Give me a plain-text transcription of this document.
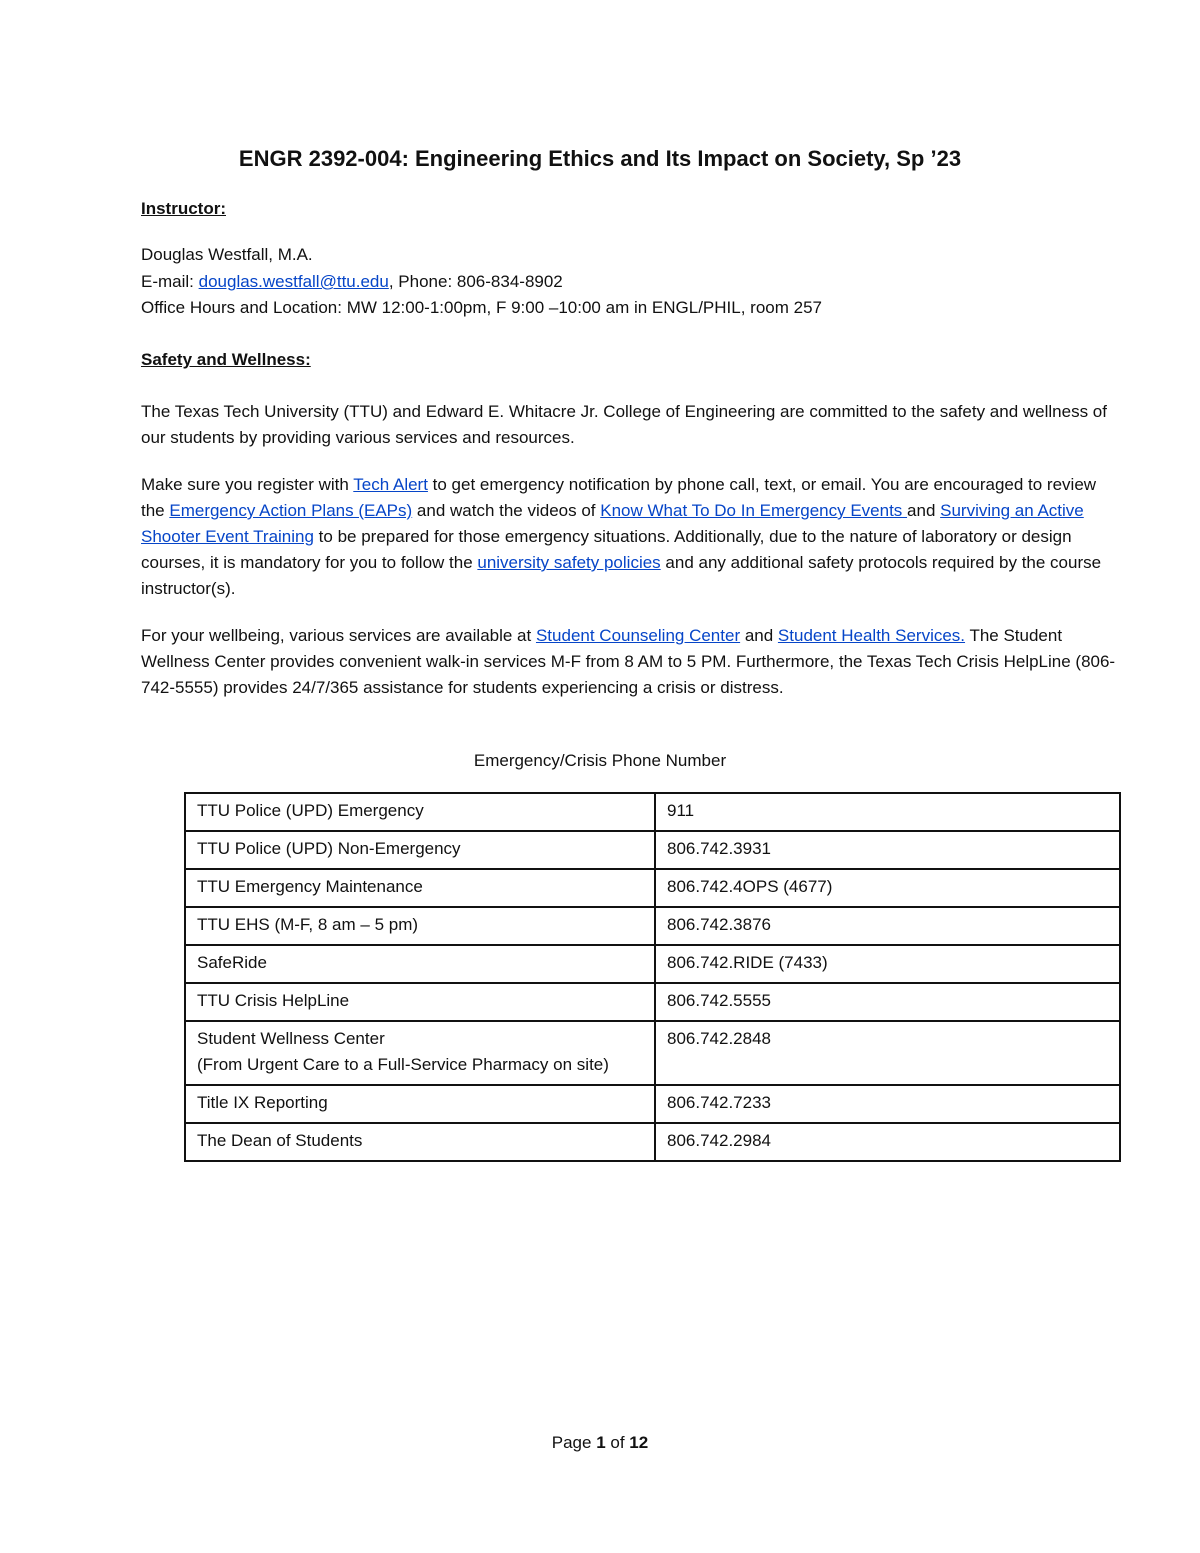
ENGR 2392-004: Engineering Ethics and Its Impact on Society, Sp ’23
Instructor:
Douglas Westfall, M.A.
E-mail: douglas.westfall@ttu.edu, Phone: 806-834-8902
Office Hours and Location: MW 12:00-1:00pm, F 9:00 –10:00 am in ENGL/PHIL, room 257
Safety and Wellness:
The Texas Tech University (TTU) and Edward E. Whitacre Jr. College of Engineering are committed to the safety and wellness of our students by providing various services and resources.
Make sure you register with Tech Alert to get emergency notification by phone call, text, or email. You are encouraged to review the Emergency Action Plans (EAPs) and watch the videos of Know What To Do In Emergency Events and Surviving an Active Shooter Event Training to be prepared for those emergency situations. Additionally, due to the nature of laboratory or design courses, it is mandatory for you to follow the university safety policies and any additional safety protocols required by the course instructor(s).
For your wellbeing, various services are available at Student Counseling Center and Student Health Services. The Student Wellness Center provides convenient walk-in services M-F from 8 AM to 5 PM. Furthermore, the Texas Tech Crisis HelpLine (806-742-5555) provides 24/7/365 assistance for students experiencing a crisis or distress.
Emergency/Crisis Phone Number
TTU Police (UPD) Emergency	911
TTU Police (UPD) Non-Emergency	806.742.3931
TTU Emergency Maintenance	806.742.4OPS (4677)
TTU EHS (M-F, 8 am – 5 pm)	806.742.3876
SafeRide	806.742.RIDE (7433)
TTU Crisis HelpLine	806.742.5555

Student Wellness Center
(From Urgent Care to a Full-Service Pharmacy on site)	806.742.2848
Title IX Reporting	806.742.7233
The Dean of Students	806.742.2984
Page 1 of 12
